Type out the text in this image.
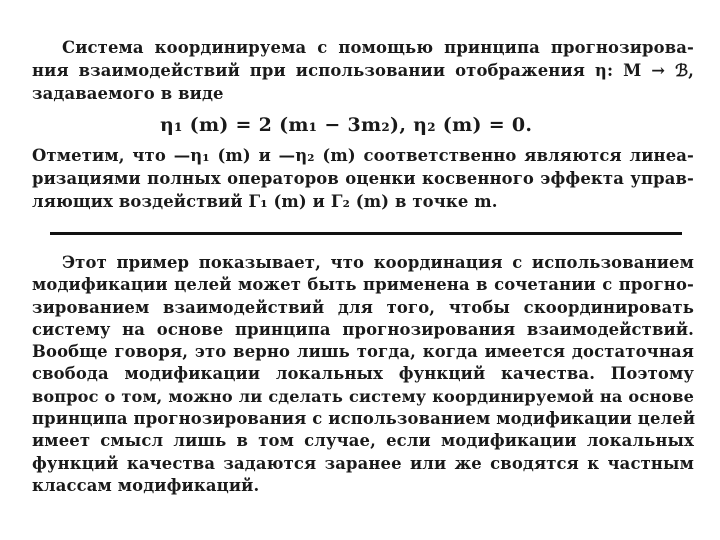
Система координируема с помощью принципа прогнозирова-
ния взаимодействий при использовании отображения η: M → ℬ,
задаваемого в виде
η₁ (m) = 2 (m₁ − 3m₂), η₂ (m) = 0.
Отметим, что —η₁ (m) и —η₂ (m) соответственно являются линеа-
ризациями полных операторов оценки косвенного эффекта управ-
ляющих воздействий Γ₁ (m) и Γ₂ (m) в точке m.
Этот пример показывает, что координация с использованием
модификации целей может быть применена в сочетании с прогно-
зированием взаимодействий для того, чтобы скоординировать
систему на основе принципа прогнозирования взаимодействий.
Вообще говоря, это верно лишь тогда, когда имеется достаточная
свобода модификации локальных функций качества. Поэтому
вопрос о том, можно ли сделать систему координируемой на основе
принципа прогнозирования с использованием модификации целей
имеет смысл лишь в том случае, если модификации локальных
функций качества задаются заранее или же сводятся к частным
классам модификаций.
